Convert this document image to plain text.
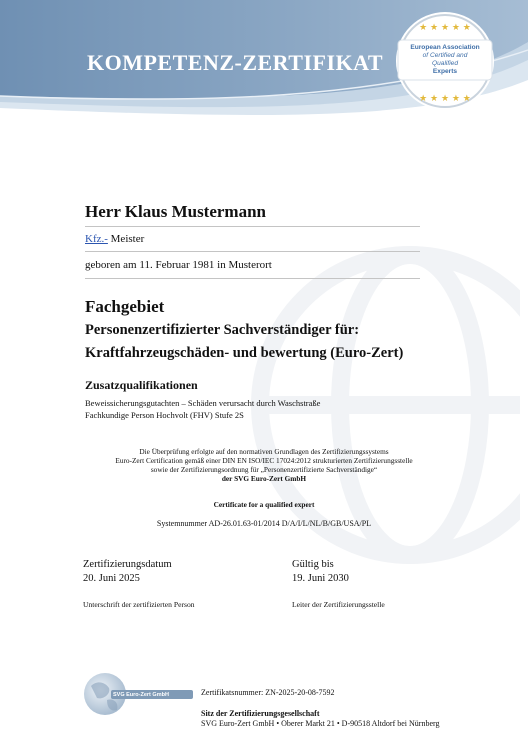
KOMPETENZ-ZERTIFIKAT
★ ★ ★ ★ ★
★ ★ ★ ★ ★
European Association
of Certified and Qualified
Experts
Herr Klaus Mustermann
Kfz.- Meister
geboren am 11. Februar 1981 in Musterort
Fachgebiet
Personenzertifizierter Sachverständiger für:
Kraftfahrzeugschäden- und bewertung (Euro-Zert)
Zusatzqualifikationen
Beweissicherungsgutachten – Schäden verursacht durch Waschstraße
Fachkundige Person Hochvolt (FHV) Stufe 2S
Die Überprüfung erfolgte auf den normativen Grundlagen des Zertifizierungssystems
Euro-Zert Certification gemäß einer DIN EN ISO/IEC 17024:2012 strukturierten Zertifizierungsstelle
sowie der Zertifizierungsordnung für „Personenzertifizierte Sachverständige“
der SVG Euro-Zert GmbH
Certificate for a qualified expert
Systemnummer AD-26.01.63-01/2014 D/A/I/L/NL/B/GB/USA/PL
Zertifizierungsdatum
20. Juni 2025
Gültig bis
19. Juni 2030
Unterschrift der zertifizierten Person	Leiter der Zertifizierungsstelle
SVG Euro-Zert GmbH	Zertifikatsnummer: ZN-2025-20-08-7592
Sitz der Zertifizierungsgesellschaft
SVG Euro-Zert GmbH • Oberer Markt 21 • D-90518 Altdorf bei Nürnberg
